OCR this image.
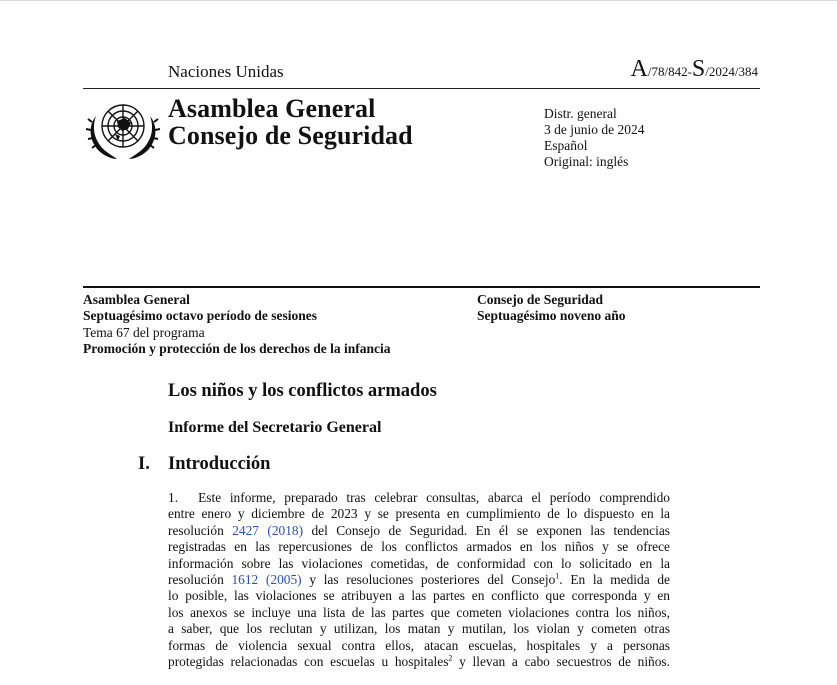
Naciones Unidas	A/78/842-S/2024/384
Asamblea General
Consejo de Seguridad
Distr. general
3 de junio de 2024
Español
Original: inglés
Asamblea General
Septuagésimo octavo período de sesiones
Tema 67 del programa
Promoción y protección de los derechos de la infancia
Consejo de Seguridad
Septuagésimo noveno año
Los niños y los conflictos armados
Informe del Secretario General
I. Introducción
1.  Este informe, preparado tras celebrar consultas, abarca el período comprendido
entre enero y diciembre de 2023 y se presenta en cumplimiento de lo dispuesto en la
resolución 2427 (2018) del Consejo de Seguridad. En él se exponen las tendencias
registradas en las repercusiones de los conflictos armados en los niños y se ofrece
información sobre las violaciones cometidas, de conformidad con lo solicitado en la
resolución 1612 (2005) y las resoluciones posteriores del Consejo$^1$. En la medida de
lo posible, las violaciones se atribuyen a las partes en conflicto que corresponda y en
los anexos se incluye una lista de las partes que cometen violaciones contra los niños,
a saber, que los reclutan y utilizan, los matan y mutilan, los violan y cometen otras
formas de violencia sexual contra ellos, atacan escuelas, hospitales y a personas
protegidas relacionadas con escuelas u hospitales$^2$ y llevan a cabo secuestros de niños.
